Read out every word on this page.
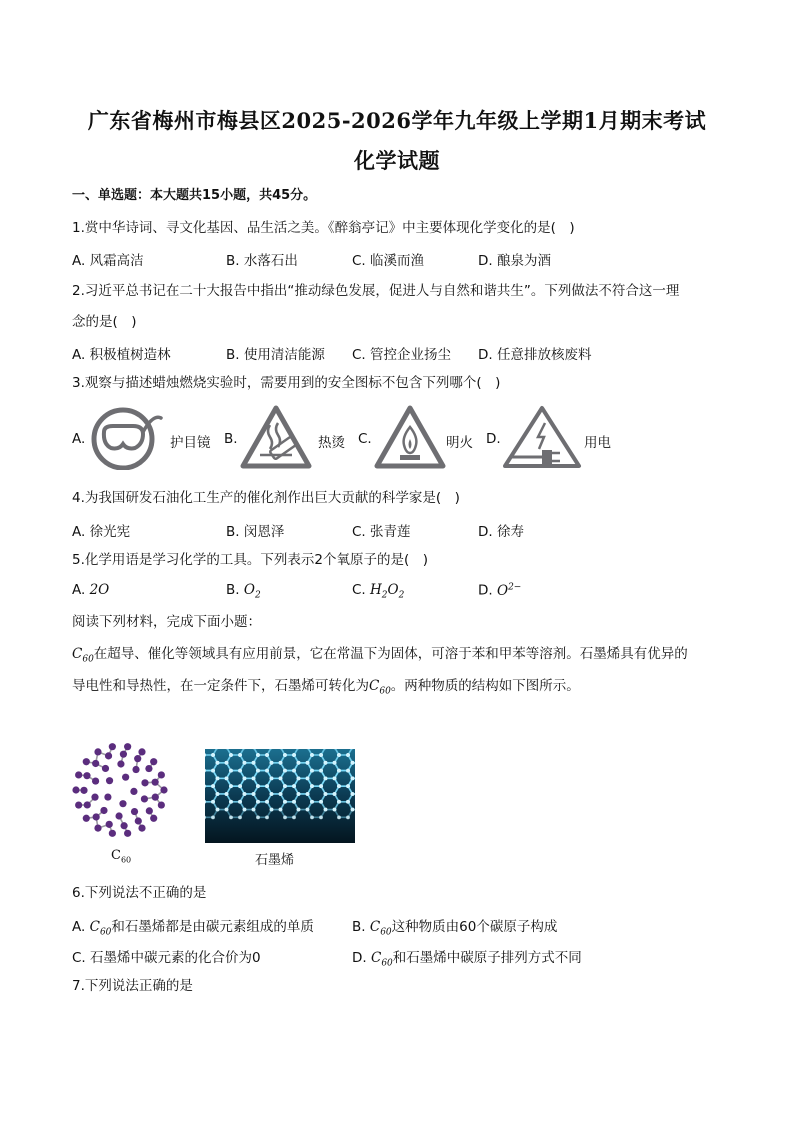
广东省梅州市梅县区2025-2026学年九年级上学期1月期末考试
化学试题
一、单选题：本大题共15小题，共45分。
1.赏中华诗词、寻文化基因、品生活之美。《醉翁亭记》中主要体现化学变化的是(　)
A. 风霜高洁	B. 水落石出	C. 临溪而渔	D. 酿泉为酒
2.习近平总书记在二十大报告中指出“推动绿色发展，促进人与自然和谐共生”。下列做法不符合这一理
念的是(　)
A. 积极植树造林	B. 使用清洁能源 C. 管控企业扬尘 D. 任意排放核废料
3.观察与描述蜡烛燃烧实验时，需要用到的安全图标不包含下列哪个(　)
A.	护目镜 B.	热烫 C.	明火 D.	用电
4.为我国研发石油化工生产的催化剂作出巨大贡献的科学家是(　)
A. 徐光宪	B. 闵恩泽	C. 张青莲	D. 徐寿
5.化学用语是学习化学的工具。下列表示2个氧原子的是(　)
A. 2O	B. $O_2$	C. $H_2O_2$	D. $O^{2-}$
阅读下列材料，完成下面小题：
$C_{60}$在超导、催化等领域具有应用前景，它在常温下为固体，可溶于苯和甲苯等溶剂。石墨烯具有优异的
导电性和导热性，在一定条件下，石墨烯可转化为$C_{60}$。两种物质的结构如下图所示。
$C_{60}$	石墨烯
6.下列说法不正确的是
A. $C_{60}$和石墨烯都是由碳元素组成的单质	B. $C_{60}$这种物质由60个碳原子构成
C. 石墨烯中碳元素的化合价为0	D. $C_{60}$和石墨烯中碳原子排列方式不同
7.下列说法正确的是
